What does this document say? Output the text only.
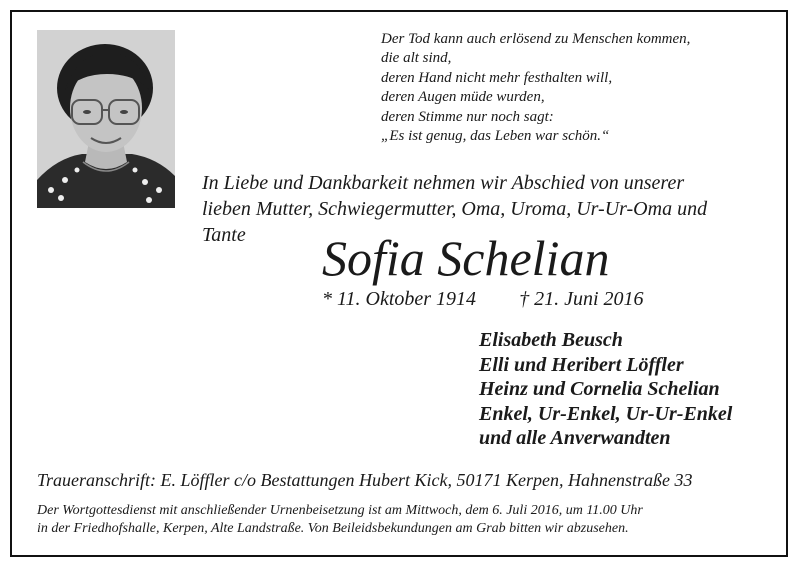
Der Tod kann auch erlösend zu Menschen kommen,
die alt sind,
deren Hand nicht mehr festhalten will,
deren Augen müde wurden,
deren Stimme nur noch sagt:
„Es ist genug, das Leben war schön.“
In Liebe und Dankbarkeit nehmen wir Abschied von unserer
lieben Mutter, Schwiegermutter, Oma, Uroma, Ur-Ur-Oma und
Tante	Sofia Schelian
* 11. Oktober 1914 † 21. Juni 2016
Elisabeth Beusch
Elli und Heribert Löffler
Heinz und Cornelia Schelian
Enkel, Ur-Enkel, Ur-Ur-Enkel
und alle Anverwandten
Traueranschrift: E. Löffler c/o Bestattungen Hubert Kick, 50171 Kerpen, Hahnenstraße 33
Der Wortgottesdienst mit anschließender Urnenbeisetzung ist am Mittwoch, dem 6. Juli 2016, um 11.00 Uhr
in der Friedhofshalle, Kerpen, Alte Landstraße. Von Beileidsbekundungen am Grab bitten wir abzusehen.
